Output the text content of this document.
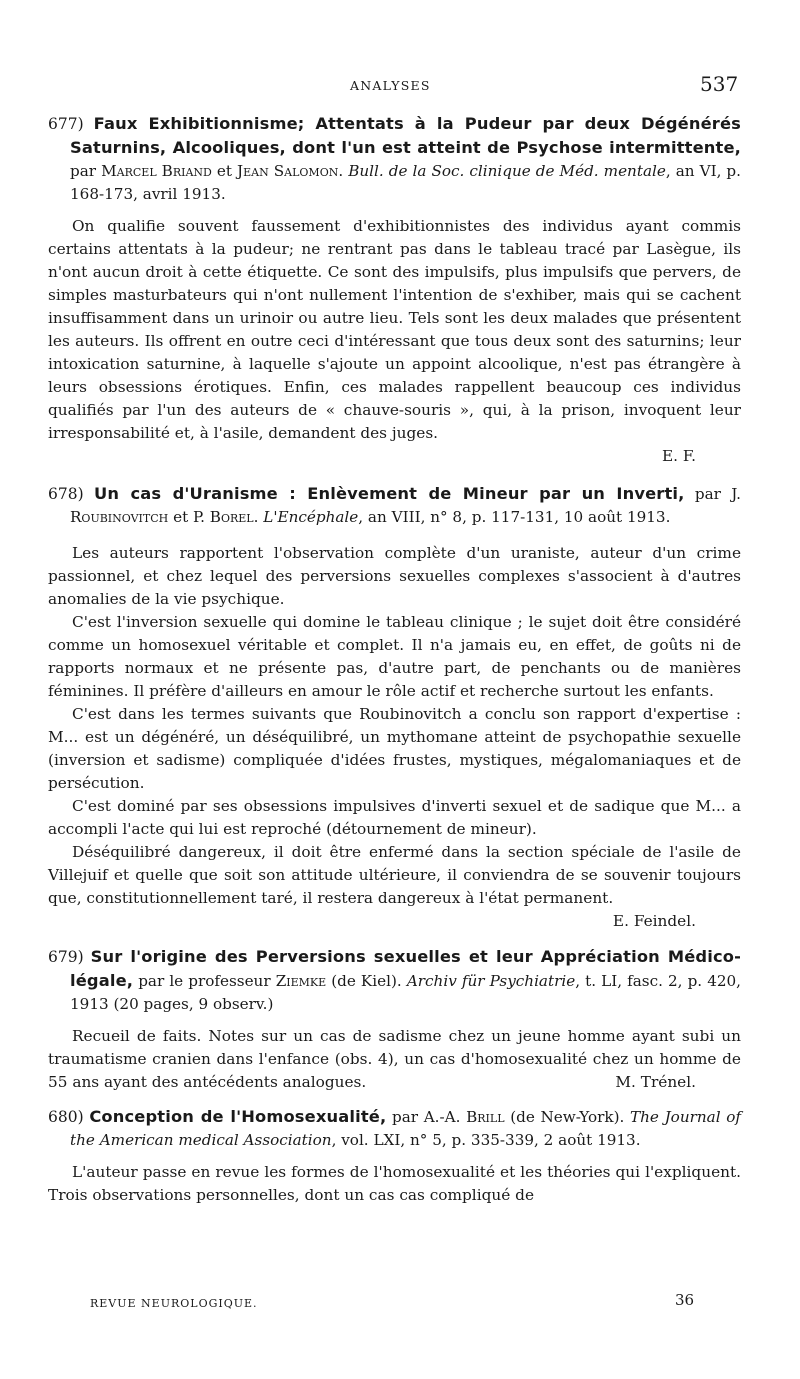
ANALYSES	537

677) Faux Exhibitionnisme; Attentats à la Pudeur par deux Dégénérés Saturnins, Alcooliques, dont l'un est atteint de Psychose intermittente, par Marcel Briand et Jean Salomon. Bull. de la Soc. clinique de Méd. mentale, an VI, p. 168-173, avril 1913.

On qualifie souvent faussement d'exhibitionnistes des individus ayant commis certains attentats à la pudeur; ne rentrant pas dans le tableau tracé par Lasègue, ils n'ont aucun droit à cette étiquette. Ce sont des impulsifs, plus impulsifs que pervers, de simples masturbateurs qui n'ont nullement l'intention de s'exhiber, mais qui se cachent insuffisamment dans un urinoir ou autre lieu. Tels sont les deux malades que présentent les auteurs. Ils offrent en outre ceci d'intéressant que tous deux sont des saturnins; leur intoxication saturnine, à laquelle s'ajoute un appoint alcoolique, n'est pas étrangère à leurs obsessions érotiques. Enfin, ces malades rappellent beaucoup ces individus qualifiés par l'un des auteurs de « chauve-souris », qui, à la prison, invoquent leur irresponsabilité et, à l'asile, demandent des juges.
E. F.

678) Un cas d'Uranisme : Enlèvement de Mineur par un Inverti, par J. Roubinovitch et P. Borel. L'Encéphale, an VIII, n° 8, p. 117-131, 10 août 1913.

Les auteurs rapportent l'observation complète d'un uraniste, auteur d'un crime passionnel, et chez lequel des perversions sexuelles complexes s'associent à d'autres anomalies de la vie psychique.

C'est l'inversion sexuelle qui domine le tableau clinique ; le sujet doit être considéré comme un homosexuel véritable et complet. Il n'a jamais eu, en effet, de goûts ni de rapports normaux et ne présente pas, d'autre part, de penchants ou de manières féminines. Il préfère d'ailleurs en amour le rôle actif et recherche surtout les enfants.

C'est dans les termes suivants que Roubinovitch a conclu son rapport d'expertise : M... est un dégénéré, un déséquilibré, un mythomane atteint de psychopathie sexuelle (inversion et sadisme) compliquée d'idées frustes, mystiques, mégalomaniaques et de persécution.

C'est dominé par ses obsessions impulsives d'inverti sexuel et de sadique que M... a accompli l'acte qui lui est reproché (détournement de mineur).

Déséquilibré dangereux, il doit être enfermé dans la section spéciale de l'asile de Villejuif et quelle que soit son attitude ultérieure, il conviendra de se souvenir toujours que, constitutionnellement taré, il restera dangereux à l'état permanent.
E. Feindel.

679) Sur l'origine des Perversions sexuelles et leur Appréciation Médico-légale, par le professeur Ziemke (de Kiel). Archiv für Psychiatrie, t. LI, fasc. 2, p. 420, 1913 (20 pages, 9 observ.)

Recueil de faits. Notes sur un cas de sadisme chez un jeune homme ayant subi un traumatisme cranien dans l'enfance (obs. 4), un cas d'homosexualité chez un homme de 55 ans ayant des antécédents analogues.	M. Trénel.

680) Conception de l'Homosexualité, par A.-A. Brill (de New-York). The Journal of the American medical Association, vol. LXI, n° 5, p. 335-339, 2 août 1913.

L'auteur passe en revue les formes de l'homosexualité et les théories qui l'expliquent. Trois observations personnelles, dont un cas cas compliqué de

REVUE NEUROLOGIQUE.	36
